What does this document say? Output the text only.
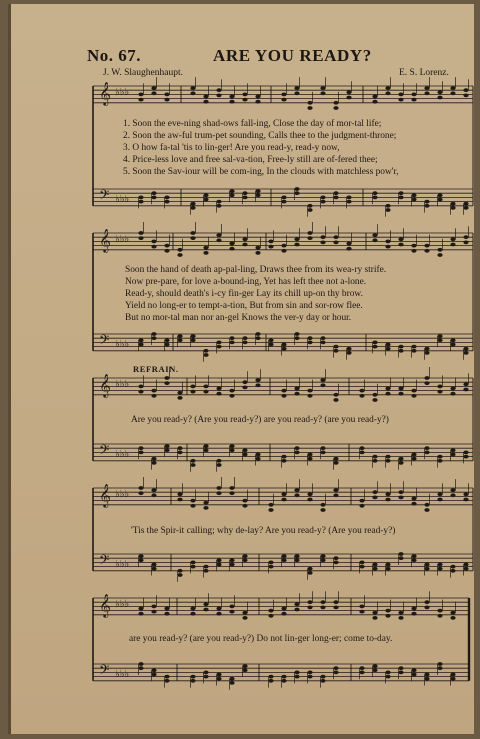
No. 67.	ARE YOU READY?
J. W. Slaughenhaupt.	E. S. Lorenz.
𝄞
𝄢
♭♭♭
♭♭♭
𝄞
𝄢
♭♭♭
♭♭♭
𝄞
𝄢
♭♭♭
♭♭♭
𝄞
𝄢
♭♭♭
♭♭♭
𝄞
𝄢
♭♭♭
♭♭♭
1. Soon the eve-ning shad-ows fall-ing, Close the day of mor-tal life;
2. Soon the aw-ful trum-pet sounding, Calls thee to the judgment-throne;
3. O how fa-tal 'tis to lin-ger! Are you read-y, read-y now,
4. Price-less love and free sal-va-tion, Free-ly still are of-fered thee;
5. Soon the Sav-iour will be com-ing, In the clouds with matchless pow'r,
Soon the hand of death ap-pal-ling, Draws thee from its wea-ry strife.
Now pre-pare, for love a-bound-ing, Yet has left thee not a-lone.
Read-y, should death's i-cy fin-ger Lay its chill up-on thy brow.
Yield no long-er to tempt-a-tion, But from sin and sor-row flee.
But no mor-tal man nor an-gel Knows the ver-y day or hour.
REFRAIN.
Are you read-y? (Are you read-y?) are you read-y? (are you read-y?)
'Tis the Spir-it calling; why de-lay? Are you read-y? (Are you read-y?)
are you read-y? (are you read-y?) Do not lin-ger long-er; come to-day.
